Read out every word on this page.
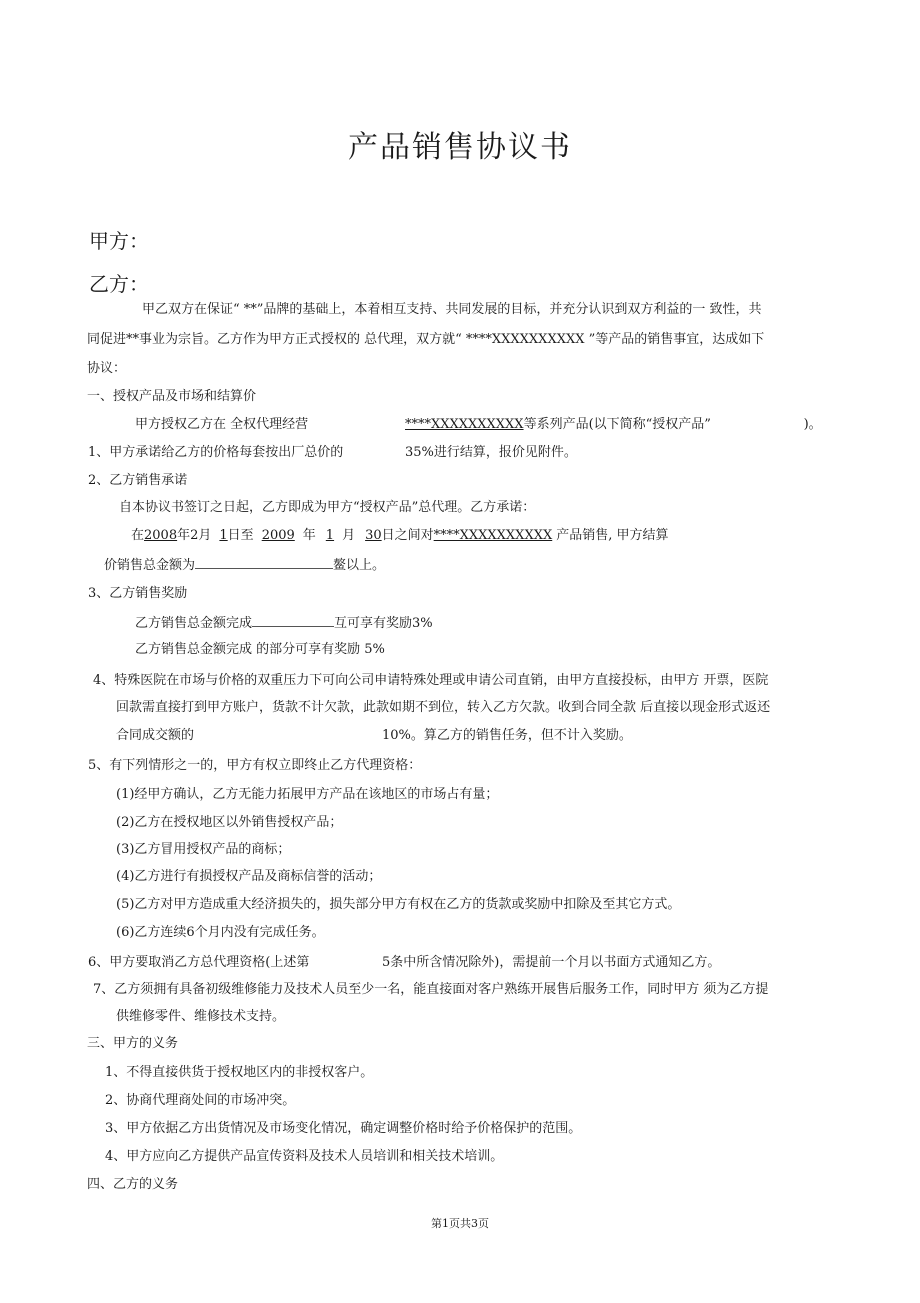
产品销售协议书
甲方：
乙方：
甲乙双方在保证“ **”品牌的基础上，本着相互支持、共同发展的目标，并充分认识到双方利益的一 致性，共
同促进**事业为宗旨。乙方作为甲方正式授权的 总代理，双方就“ ****XXXXXXXXXX ”等产品的销售事宜，达成如下
协议：
一、授权产品及市场和结算价
甲方授权乙方在 全权代理经营	****XXXXXXXXXX等系列产品(以下简称“授权产品”	)。
1、甲方承诺给乙方的价格每套按出厂总价的	35%进行结算，报价见附件。
2、乙方销售承诺
自本协议书签订之日起，乙方即成为甲方“授权产品”总代理。乙方承诺：
在2008年2月 1日至 2009 年 1 月 30日之间对****XXXXXXXXXX 产品销售, 甲方结算
价销售总金额为	鳌以上。
3、乙方销售奖励
乙方销售总金额完成	互可享有奖励3%
乙方销售总金额完成 的部分可享有奖励 5%
4、特殊医院在市场与价格的双重压力下可向公司申请特殊处理或申请公司直销，由甲方直接投标，由甲方 开票，医院
回款需直接打到甲方账户，货款不计欠款，此款如期不到位，转入乙方欠款。收到合同全款 后直接以现金形式返还
合同成交额的	10%。算乙方的销售任务，但不计入奖励。
5、有下列情形之一的，甲方有权立即终止乙方代理资格：
(1)经甲方确认，乙方无能力拓展甲方产品在该地区的市场占有量；
(2)乙方在授权地区以外销售授权产品；
(3)乙方冒用授权产品的商标；
(4)乙方进行有损授权产品及商标信誉的活动；
(5)乙方对甲方造成重大经济损失的，损失部分甲方有权在乙方的货款或奖励中扣除及至其它方式。
(6)乙方连续6个月内没有完成任务。
6、甲方要取消乙方总代理资格(上述第	5条中所含情况除外)，需提前一个月以书面方式通知乙方。
7、乙方须拥有具备初级维修能力及技术人员至少一名，能直接面对客户熟练开展售后服务工作，同时甲方 须为乙方提
供维修零件、维修技术支持。
三、甲方的义务
1、不得直接供货于授权地区内的非授权客户。
2、协商代理商处间的市场冲突。
3、甲方依据乙方出货情况及市场变化情况，确定调整价格时给予价格保护的范围。
4、甲方应向乙方提供产品宣传资料及技术人员培训和相关技术培训。
四、乙方的义务
第1页共3页
